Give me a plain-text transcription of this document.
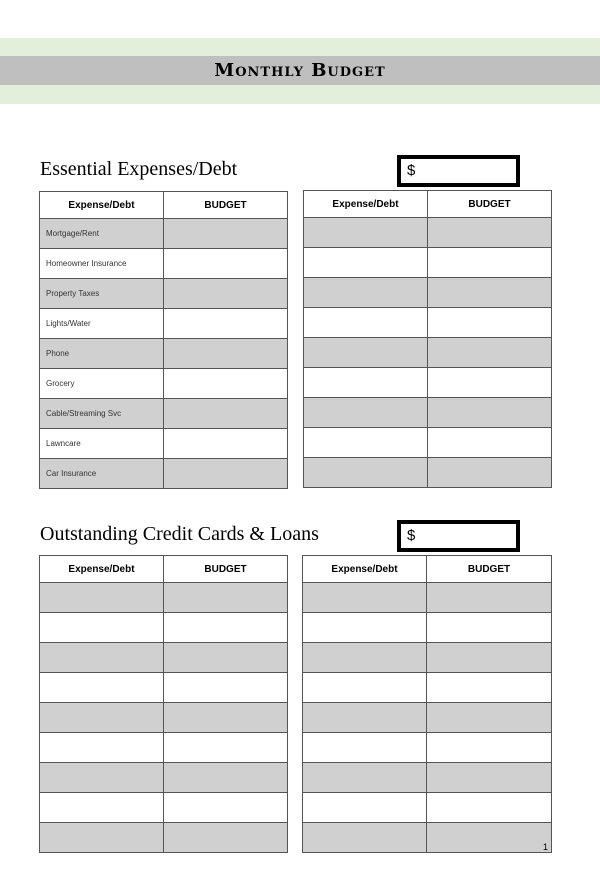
Monthly Budget
Essential Expenses/Debt	$
Expense/Debt	BUDGET
Mortgage/Rent	
Homeowner Insurance	
Property Taxes	
Lights/Water	
Phone	
Grocery	
Cable/Streaming Svc	
Lawncare	
Car Insurance	
Expense/Debt	BUDGET

Outstanding Credit Cards & Loans	$
Expense/Debt	BUDGET

		Expense/Debt	BUDGET

1
